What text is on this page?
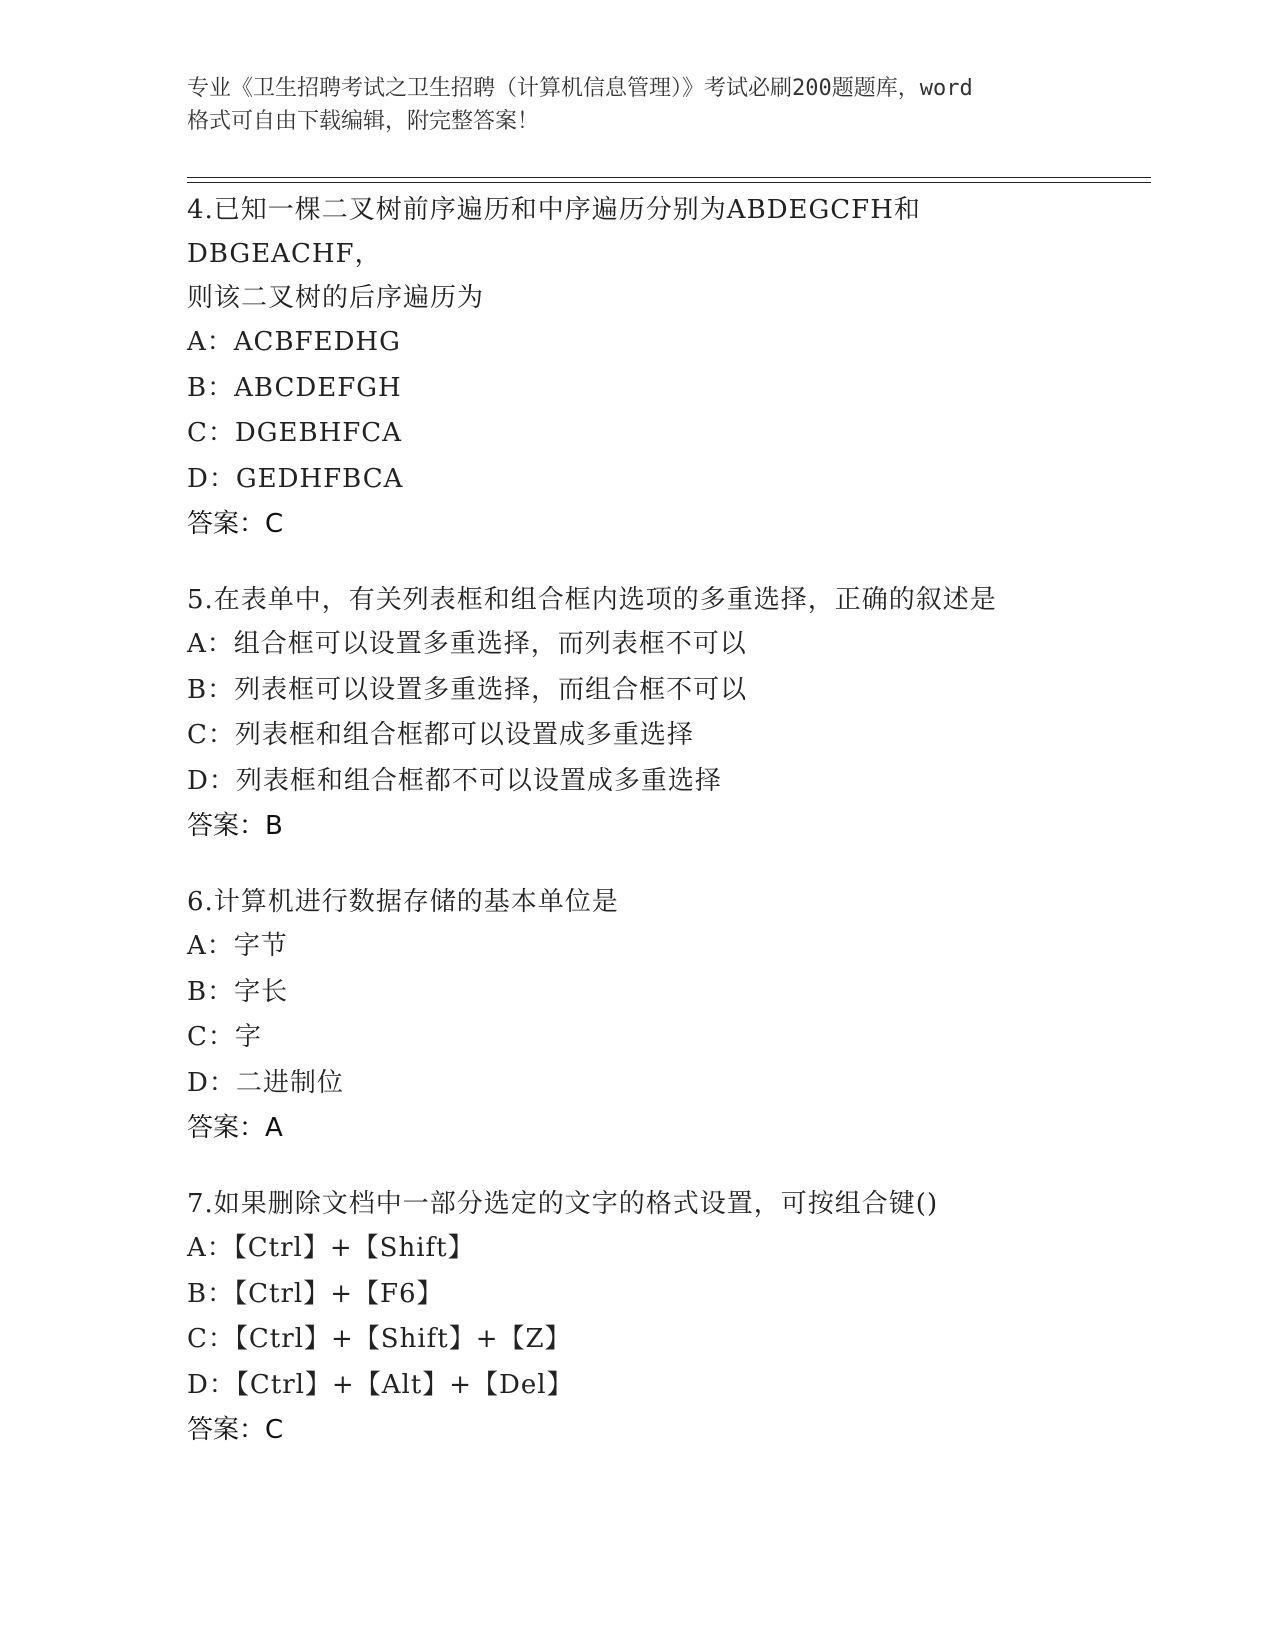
专业《卫生招聘考试之卫生招聘（计算机信息管理）》考试必刷200题题库，word
格式可自由下载编辑，附完整答案！

4.已知一棵二叉树前序遍历和中序遍历分别为ABDEGCFH和DBGEACHF，
则该二叉树的后序遍历为

A：ACBFEDHG

B：ABCDEFGH

C：DGEBHFCA

D：GEDHFBCA

答案：C

5.在表单中，有关列表框和组合框内选项的多重选择，正确的叙述是

A：组合框可以设置多重选择，而列表框不可以

B：列表框可以设置多重选择，而组合框不可以

C：列表框和组合框都可以设置成多重选择

D：列表框和组合框都不可以设置成多重选择

答案：B

6.计算机进行数据存储的基本单位是

A：字节

B：字长

C：字

D：二进制位

答案：A

7.如果删除文档中一部分选定的文字的格式设置，可按组合键()

A：【Ctrl】+【Shift】

B：【Ctrl】+【F6】

C：【Ctrl】+【Shift】+【Z】

D：【Ctrl】+【Alt】+【Del】

答案：C
